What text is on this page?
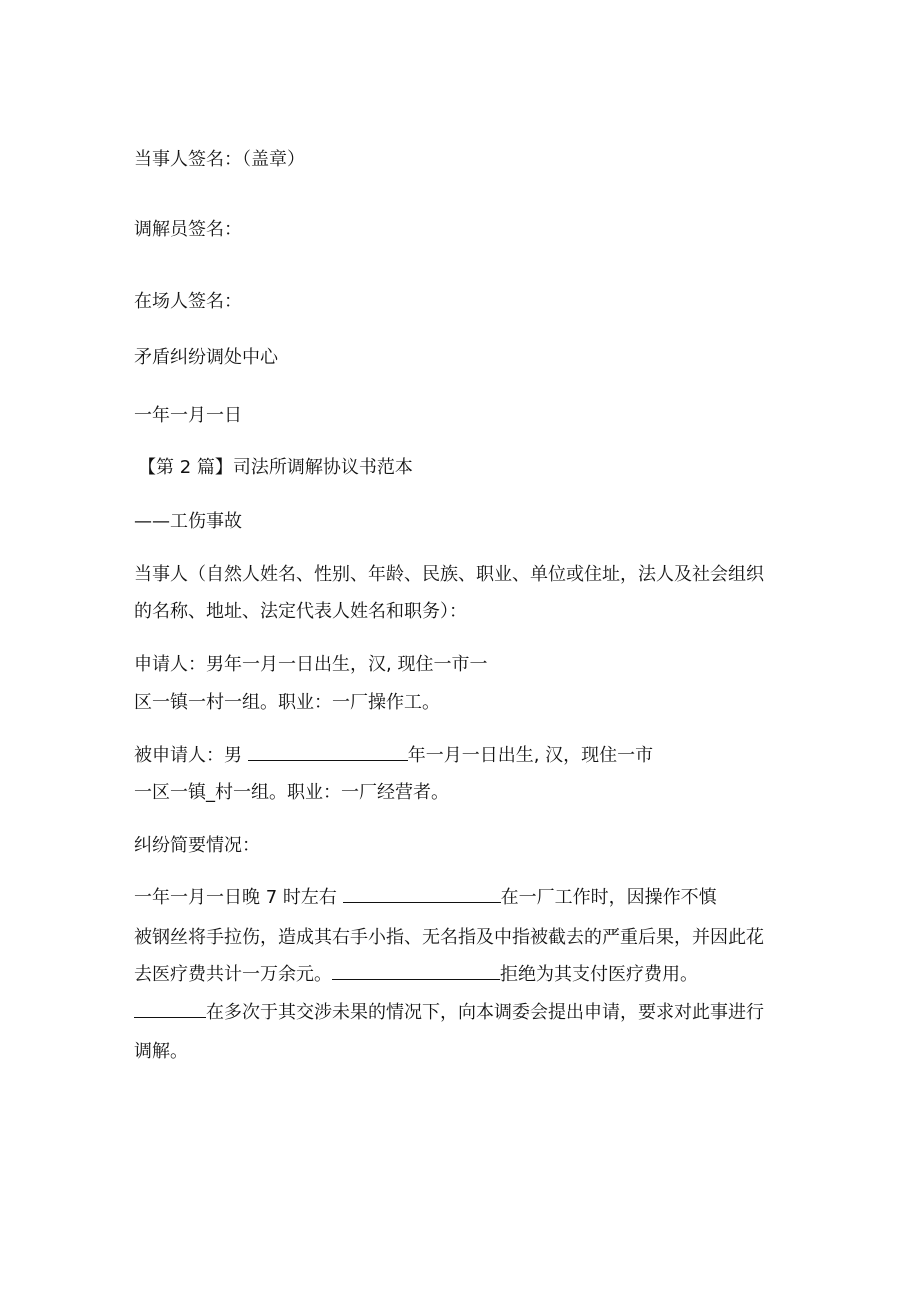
当事人签名：（盖章）

调解员签名：

在场人签名：

矛盾纠纷调处中心

一年一月一日

【第 2 篇】司法所调解协议书范本

——工伤事故

当事人（自然人姓名、性别、年龄、民族、职业、单位或住址，法人及社会组织

的名称、地址、法定代表人姓名和职务）：

申请人：男年一月一日出生，汉, 现住一市一

区一镇一村一组。职业：一厂操作工。

被申请人：男	年一月一日出生, 汉，现住一市

一区一镇_村一组。职业：一厂经营者。

纠纷简要情况：

一年一月一日晚 7 时左右	在一厂工作时，因操作不慎

被钢丝将手拉伤，造成其右手小指、无名指及中指被截去的严重后果，并因此花

去医疗费共计一万余元。	拒绝为其支付医疗费用。

在多次于其交涉未果的情况下，向本调委会提出申请，要求对此事进行

调解。
